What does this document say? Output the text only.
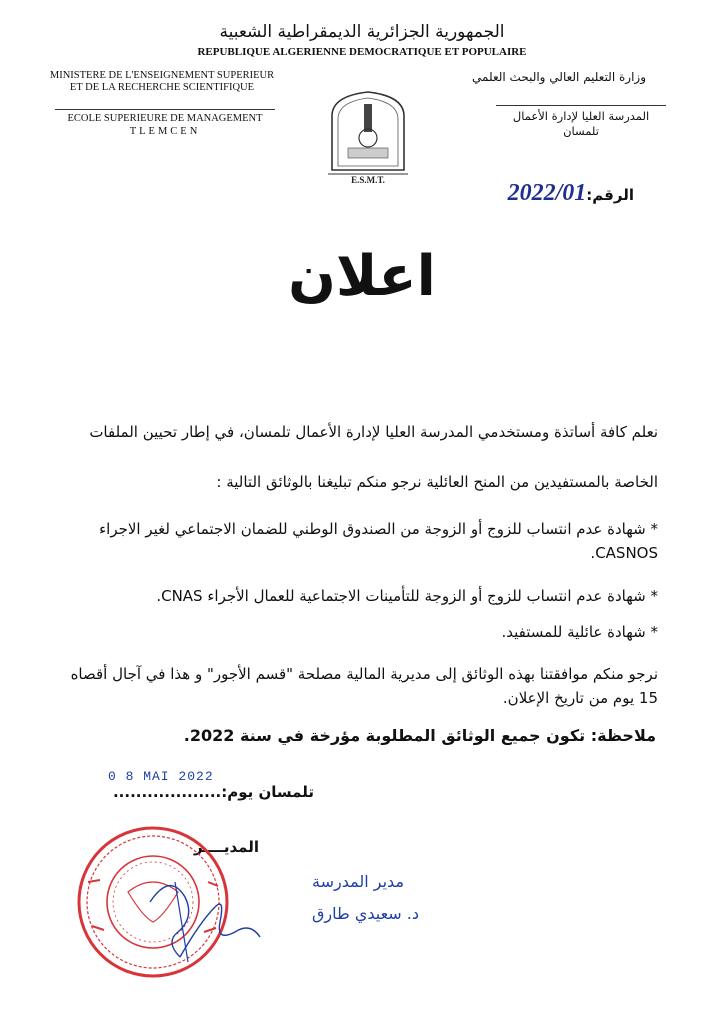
الجمهورية الجزائرية الديمقراطية الشعبية
REPUBLIQUE ALGERIENNE DEMOCRATIQUE ET POPULAIRE
MINISTERE DE L'ENSEIGNEMENT SUPERIEUR
ET DE LA RECHERCHE SCIENTIFIQUE
وزارة التعليم العالي والبحث العلمي
ECOLE SUPERIEURE DE MANAGEMENT
TLEMCEN
المدرسة العليا لإدارة الأعمال
تلمسان
E.S.M.T.
الرقم:2022/01
اعلان
نعلم كافة أساتذة ومستخدمي المدرسة العليا لإدارة الأعمال تلمسان، في إطار تحيين الملفات
الخاصة بالمستفيدين من المنح العائلية نرجو منكم تبليغنا بالوثائق التالية :
* شهادة عدم انتساب للزوج أو الزوجة من الصندوق الوطني للضمان الاجتماعي لغير الاجراء CASNOS.
* شهادة عدم انتساب للزوج أو الزوجة للتأمينات الاجتماعية للعمال الأجراء CNAS.
* شهادة عائلية للمستفيد.
نرجو منكم موافقتنا بهذه الوثائق إلى مديرية المالية مصلحة "قسم الأجور" و هذا في آجال أقصاه 15 يوم من تاريخ الإعلان.
ملاحظة: تكون جميع الوثائق المطلوبة مؤرخة في سنة 2022.
0 8 MAI 2022
تلمسان يوم:...................
المديــــر
مدير المدرسة
د. سعيدي طارق
